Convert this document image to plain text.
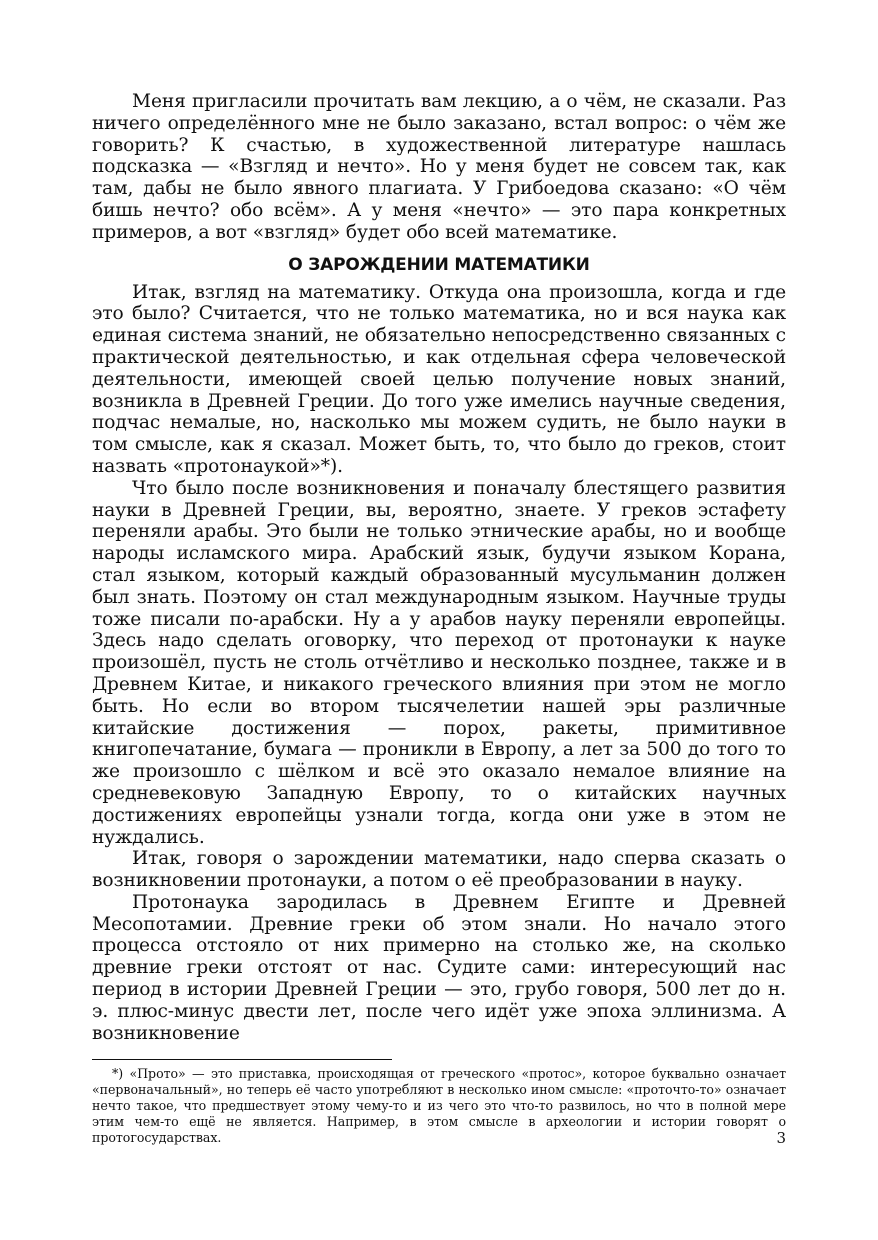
Меня пригласили прочитать вам лекцию, а о чём, не сказали. Раз ничего определённого мне не было заказано, встал вопрос: о чём же говорить? К счастью, в художественной литературе нашлась подсказка — «Взгляд и нечто». Но у меня будет не совсем так, как там, дабы не было явного плагиата. У Грибоедова сказано: «О чём бишь нечто? обо всём». А у меня «нечто» — это пара конкретных примеров, а вот «взгляд» будет обо всей математике.

О ЗАРОЖДЕНИИ МАТЕМАТИКИ

Итак, взгляд на математику. Откуда она произошла, когда и где это было? Считается, что не только математика, но и вся наука как единая система знаний, не обязательно непосредственно связанных с практической деятельностью, и как отдельная сфера человеческой деятельности, имеющей своей целью получение новых знаний, возникла в Древней Греции. До того уже имелись научные сведения, подчас немалые, но, насколько мы можем судить, не было науки в том смысле, как я сказал. Может быть, то, что было до греков, стоит назвать «протонаукой»*).

Что было после возникновения и поначалу блестящего развития науки в Древней Греции, вы, вероятно, знаете. У греков эстафету переняли арабы. Это были не только этнические арабы, но и вообще народы исламского мира. Арабский язык, будучи языком Корана, стал языком, который каждый образованный мусульманин должен был знать. Поэтому он стал международным языком. Научные труды тоже писали по-арабски. Ну а у арабов науку переняли европейцы. Здесь надо сделать оговорку, что переход от протонауки к науке произошёл, пусть не столь отчётливо и несколько позднее, также и в Древнем Китае, и никакого греческого влияния при этом не могло быть. Но если во втором тысячелетии нашей эры различные китайские достижения — порох, ракеты, примитивное книгопечатание, бумага — проникли в Европу, а лет за 500 до того то же произошло с шёлком и всё это оказало немалое влияние на средневековую Западную Европу, то о китайских научных достижениях европейцы узнали тогда, когда они уже в этом не нуждались.

Итак, говоря о зарождении математики, надо сперва сказать о возникновении протонауки, а потом о её преобразовании в науку.

Протонаука зародилась в Древнем Египте и Древней Месопотамии. Древние греки об этом знали. Но начало этого процесса отстояло от них примерно на столько же, на сколько древние греки отстоят от нас. Судите сами: интересующий нас период в истории Древней Греции — это, грубо говоря, 500 лет до н. э. плюс-минус двести лет, после чего идёт уже эпоха эллинизма. А возникновение

*) «Прото» — это приставка, происходящая от греческого «протос», которое буквально означает «первоначальный», но теперь её часто употребляют в несколько ином смысле: «проточто-то» означает нечто такое, что предшествует этому чему-то и из чего это что-то развилось, но что в полной мере этим чем-то ещё не является. Например, в этом смысле в археологии и истории говорят о протогосударствах.	3
